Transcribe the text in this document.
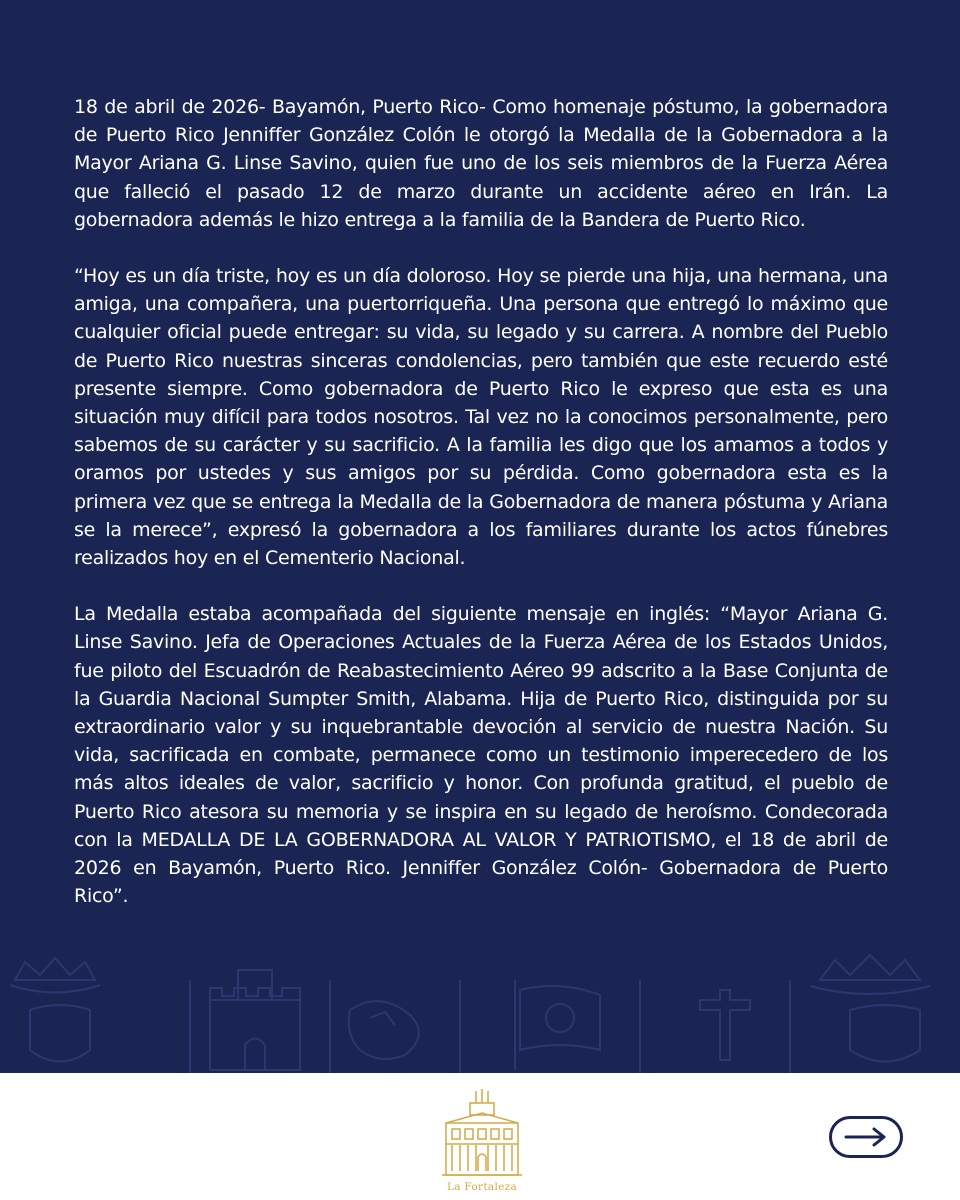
18 de abril de 2026- Bayamón, Puerto Rico- Como homenaje póstumo, la gobernadora de Puerto Rico Jenniffer González Colón le otorgó la Medalla de la Gobernadora a la Mayor Ariana G. Linse Savino, quien fue uno de los seis miembros de la Fuerza Aérea que falleció el pasado 12 de marzo durante un accidente aéreo en Irán. La gobernadora además le hizo entrega a la familia de la Bandera de Puerto Rico.

“Hoy es un día triste, hoy es un día doloroso. Hoy se pierde una hija, una hermana, una amiga, una compañera, una puertorriqueña. Una persona que entregó lo máximo que cualquier oficial puede entregar: su vida, su legado y su carrera. A nombre del Pueblo de Puerto Rico nuestras sinceras condolencias, pero también que este recuerdo esté presente siempre. Como gobernadora de Puerto Rico le expreso que esta es una situación muy difícil para todos nosotros. Tal vez no la conocimos personalmente, pero sabemos de su carácter y su sacrificio. A la familia les digo que los amamos a todos y oramos por ustedes y sus amigos por su pérdida. Como gobernadora esta es la primera vez que se entrega la Medalla de la Gobernadora de manera póstuma y Ariana se la merece”, expresó la gobernadora a los familiares durante los actos fúnebres realizados hoy en el Cementerio Nacional.

La Medalla estaba acompañada del siguiente mensaje en inglés: “Mayor Ariana G. Linse Savino. Jefa de Operaciones Actuales de la Fuerza Aérea de los Estados Unidos, fue piloto del Escuadrón de Reabastecimiento Aéreo 99 adscrito a la Base Conjunta de la Guardia Nacional Sumpter Smith, Alabama. Hija de Puerto Rico, distinguida por su extraordinario valor y su inquebrantable devoción al servicio de nuestra Nación. Su vida, sacrificada en combate, permanece como un testimonio imperecedero de los más altos ideales de valor, sacrificio y honor. Con profunda gratitud, el pueblo de Puerto Rico atesora su memoria y se inspira en su legado de heroísmo. Condecorada con la MEDALLA DE LA GOBERNADORA AL VALOR Y PATRIOTISMO, el 18 de abril de 2026 en Bayamón, Puerto Rico. Jenniffer González Colón- Gobernadora de Puerto Rico”.

La Fortaleza
